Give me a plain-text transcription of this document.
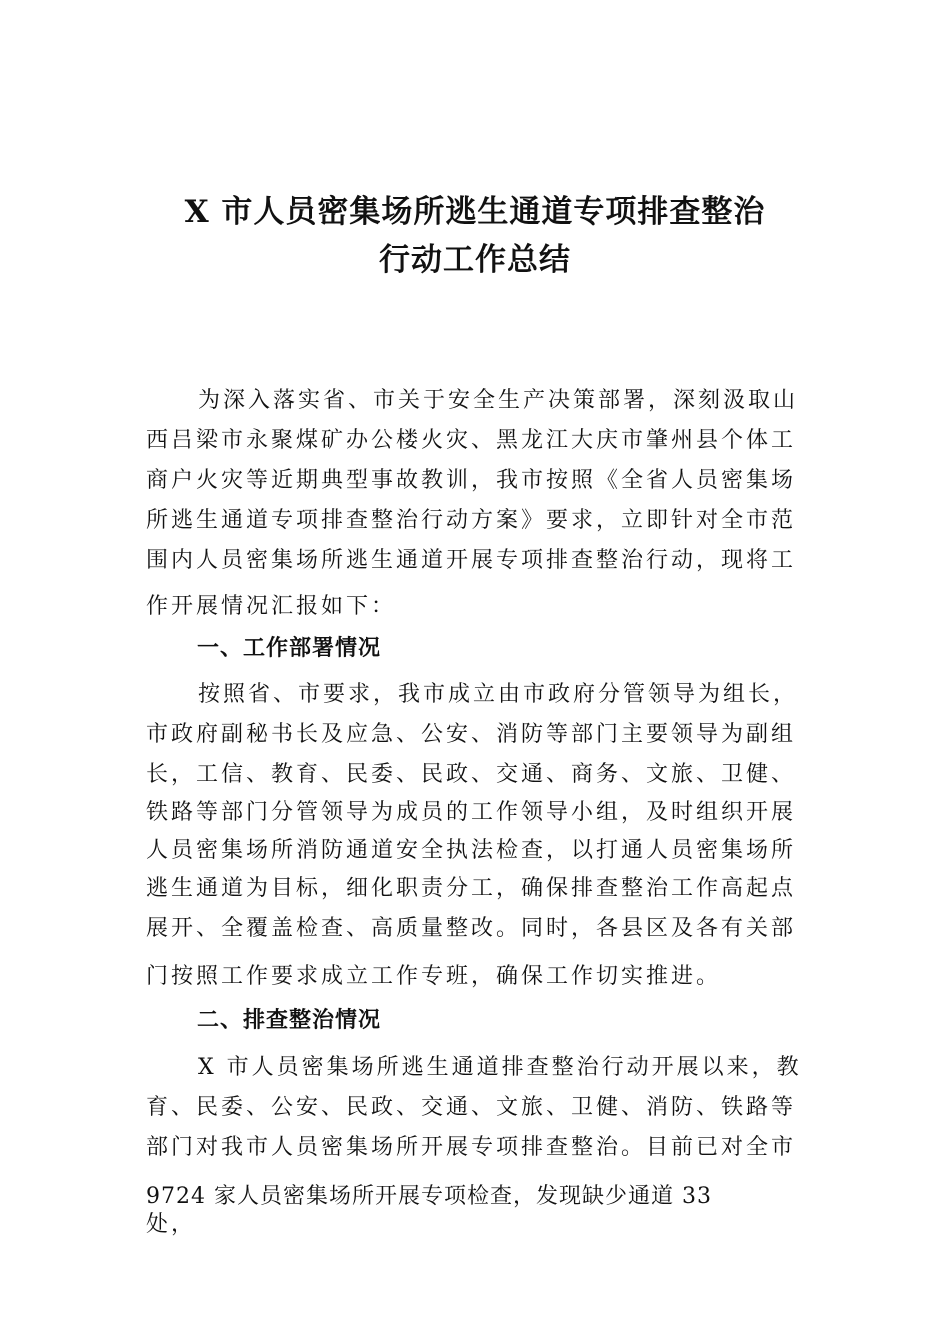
X 市人员密集场所逃生通道专项排查整治
行动工作总结

为深入落实省、市关于安全生产决策部署，深刻汲取山

西吕梁市永聚煤矿办公楼火灾、黑龙江大庆市肇州县个体工

商户火灾等近期典型事故教训，我市按照《全省人员密集场

所逃生通道专项排查整治行动方案》要求，立即针对全市范

围内人员密集场所逃生通道开展专项排查整治行动，现将工

作开展情况汇报如下：

一、工作部署情况

按照省、市要求，我市成立由市政府分管领导为组长，

市政府副秘书长及应急、公安、消防等部门主要领导为副组

长，工信、教育、民委、民政、交通、商务、文旅、卫健、

铁路等部门分管领导为成员的工作领导小组，及时组织开展

人员密集场所消防通道安全执法检查，以打通人员密集场所

逃生通道为目标，细化职责分工，确保排查整治工作高起点

展开、全覆盖检查、高质量整改。同时，各县区及各有关部

门按照工作要求成立工作专班，确保工作切实推进。

二、排查整治情况

X 市人员密集场所逃生通道排查整治行动开展以来，教

育、民委、公安、民政、交通、文旅、卫健、消防、铁路等

部门对我市人员密集场所开展专项排查整治。目前已对全市

9724 家人员密集场所开展专项检查，发现缺少通道 33

处，
